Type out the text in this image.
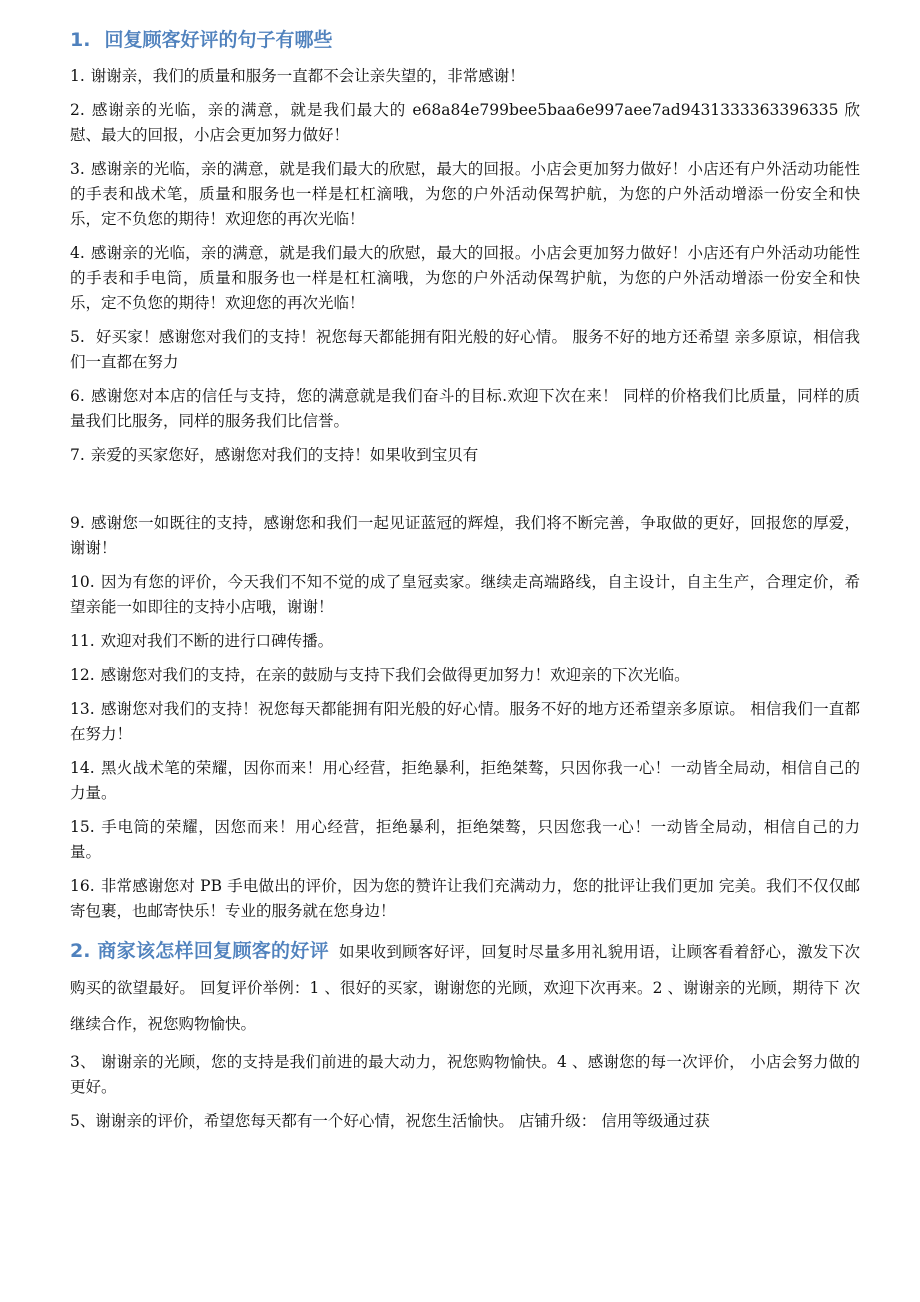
1. 回复顾客好评的句子有哪些

1. 谢谢亲，我们的质量和服务一直都不会让亲失望的，非常感谢！

2. 感谢亲的光临，亲的满意，就是我们最大的 e68a84e799bee5baa6e997aee7ad9431333363396335 欣慰、最大的回报，小店会更加努力做好！

3. 感谢亲的光临，亲的满意，就是我们最大的欣慰，最大的回报。小店会更加努力做好！小店还有户外活动功能性的手表和战术笔，质量和服务也一样是杠杠滴哦，为您的户外活动保驾护航，为您的户外活动增添一份安全和快乐，定不负您的期待！欢迎您的再次光临！

4. 感谢亲的光临，亲的满意，就是我们最大的欣慰，最大的回报。小店会更加努力做好！小店还有户外活动功能性的手表和手电筒，质量和服务也一样是杠杠滴哦，为您的户外活动保驾护航，为您的户外活动增添一份安全和快乐，定不负您的期待！欢迎您的再次光临！

5. 好买家！感谢您对我们的支持！祝您每天都能拥有阳光般的好心情。 服务不好的地方还希望 亲多原谅，相信我们一直都在努力

6. 感谢您对本店的信任与支持，您的满意就是我们奋斗的目标.欢迎下次在来！ 同样的价格我们比质量，同样的质量我们比服务，同样的服务我们比信誉。

7. 亲爱的买家您好，感谢您对我们的支持！如果收到宝贝有

9. 感谢您一如既往的支持，感谢您和我们一起见证蓝冠的辉煌，我们将不断完善，争取做的更好，回报您的厚爱，谢谢！

10. 因为有您的评价，今天我们不知不觉的成了皇冠卖家。继续走高端路线，自主设计，自主生产，合理定价，希望亲能一如即往的支持小店哦，谢谢！

11. 欢迎对我们不断的进行口碑传播。

12. 感谢您对我们的支持，在亲的鼓励与支持下我们会做得更加努力！欢迎亲的下次光临。

13. 感谢您对我们的支持！祝您每天都能拥有阳光般的好心情。服务不好的地方还希望亲多原谅。 相信我们一直都在努力！

14. 黑火战术笔的荣耀，因你而来！用心经营，拒绝暴利，拒绝桀骜，只因你我一心！一动皆全局动，相信自己的力量。

15. 手电筒的荣耀，因您而来！用心经营，拒绝暴利，拒绝桀骜，只因您我一心！一动皆全局动，相信自己的力量。

16. 非常感谢您对 PB 手电做出的评价，因为您的赞许让我们充满动力，您的批评让我们更加 完美。我们不仅仅邮寄包裹，也邮寄快乐！专业的服务就在您身边！

2. 商家该怎样回复顾客的好评 如果收到顾客好评，回复时尽量多用礼貌用语，让顾客看着舒心，激发下次购买的欲望最好。 回复评价举例：1 、很好的买家，谢谢您的光顾，欢迎下次再来。2 、谢谢亲的光顾，期待下 次继续合作，祝您购物愉快。

3、 谢谢亲的光顾，您的支持是我们前进的最大动力，祝您购物愉快。4 、感谢您的每一次评价， 小店会努力做的更好。

5、谢谢亲的评价，希望您每天都有一个好心情，祝您生活愉快。 店铺升级： 信用等级通过获
